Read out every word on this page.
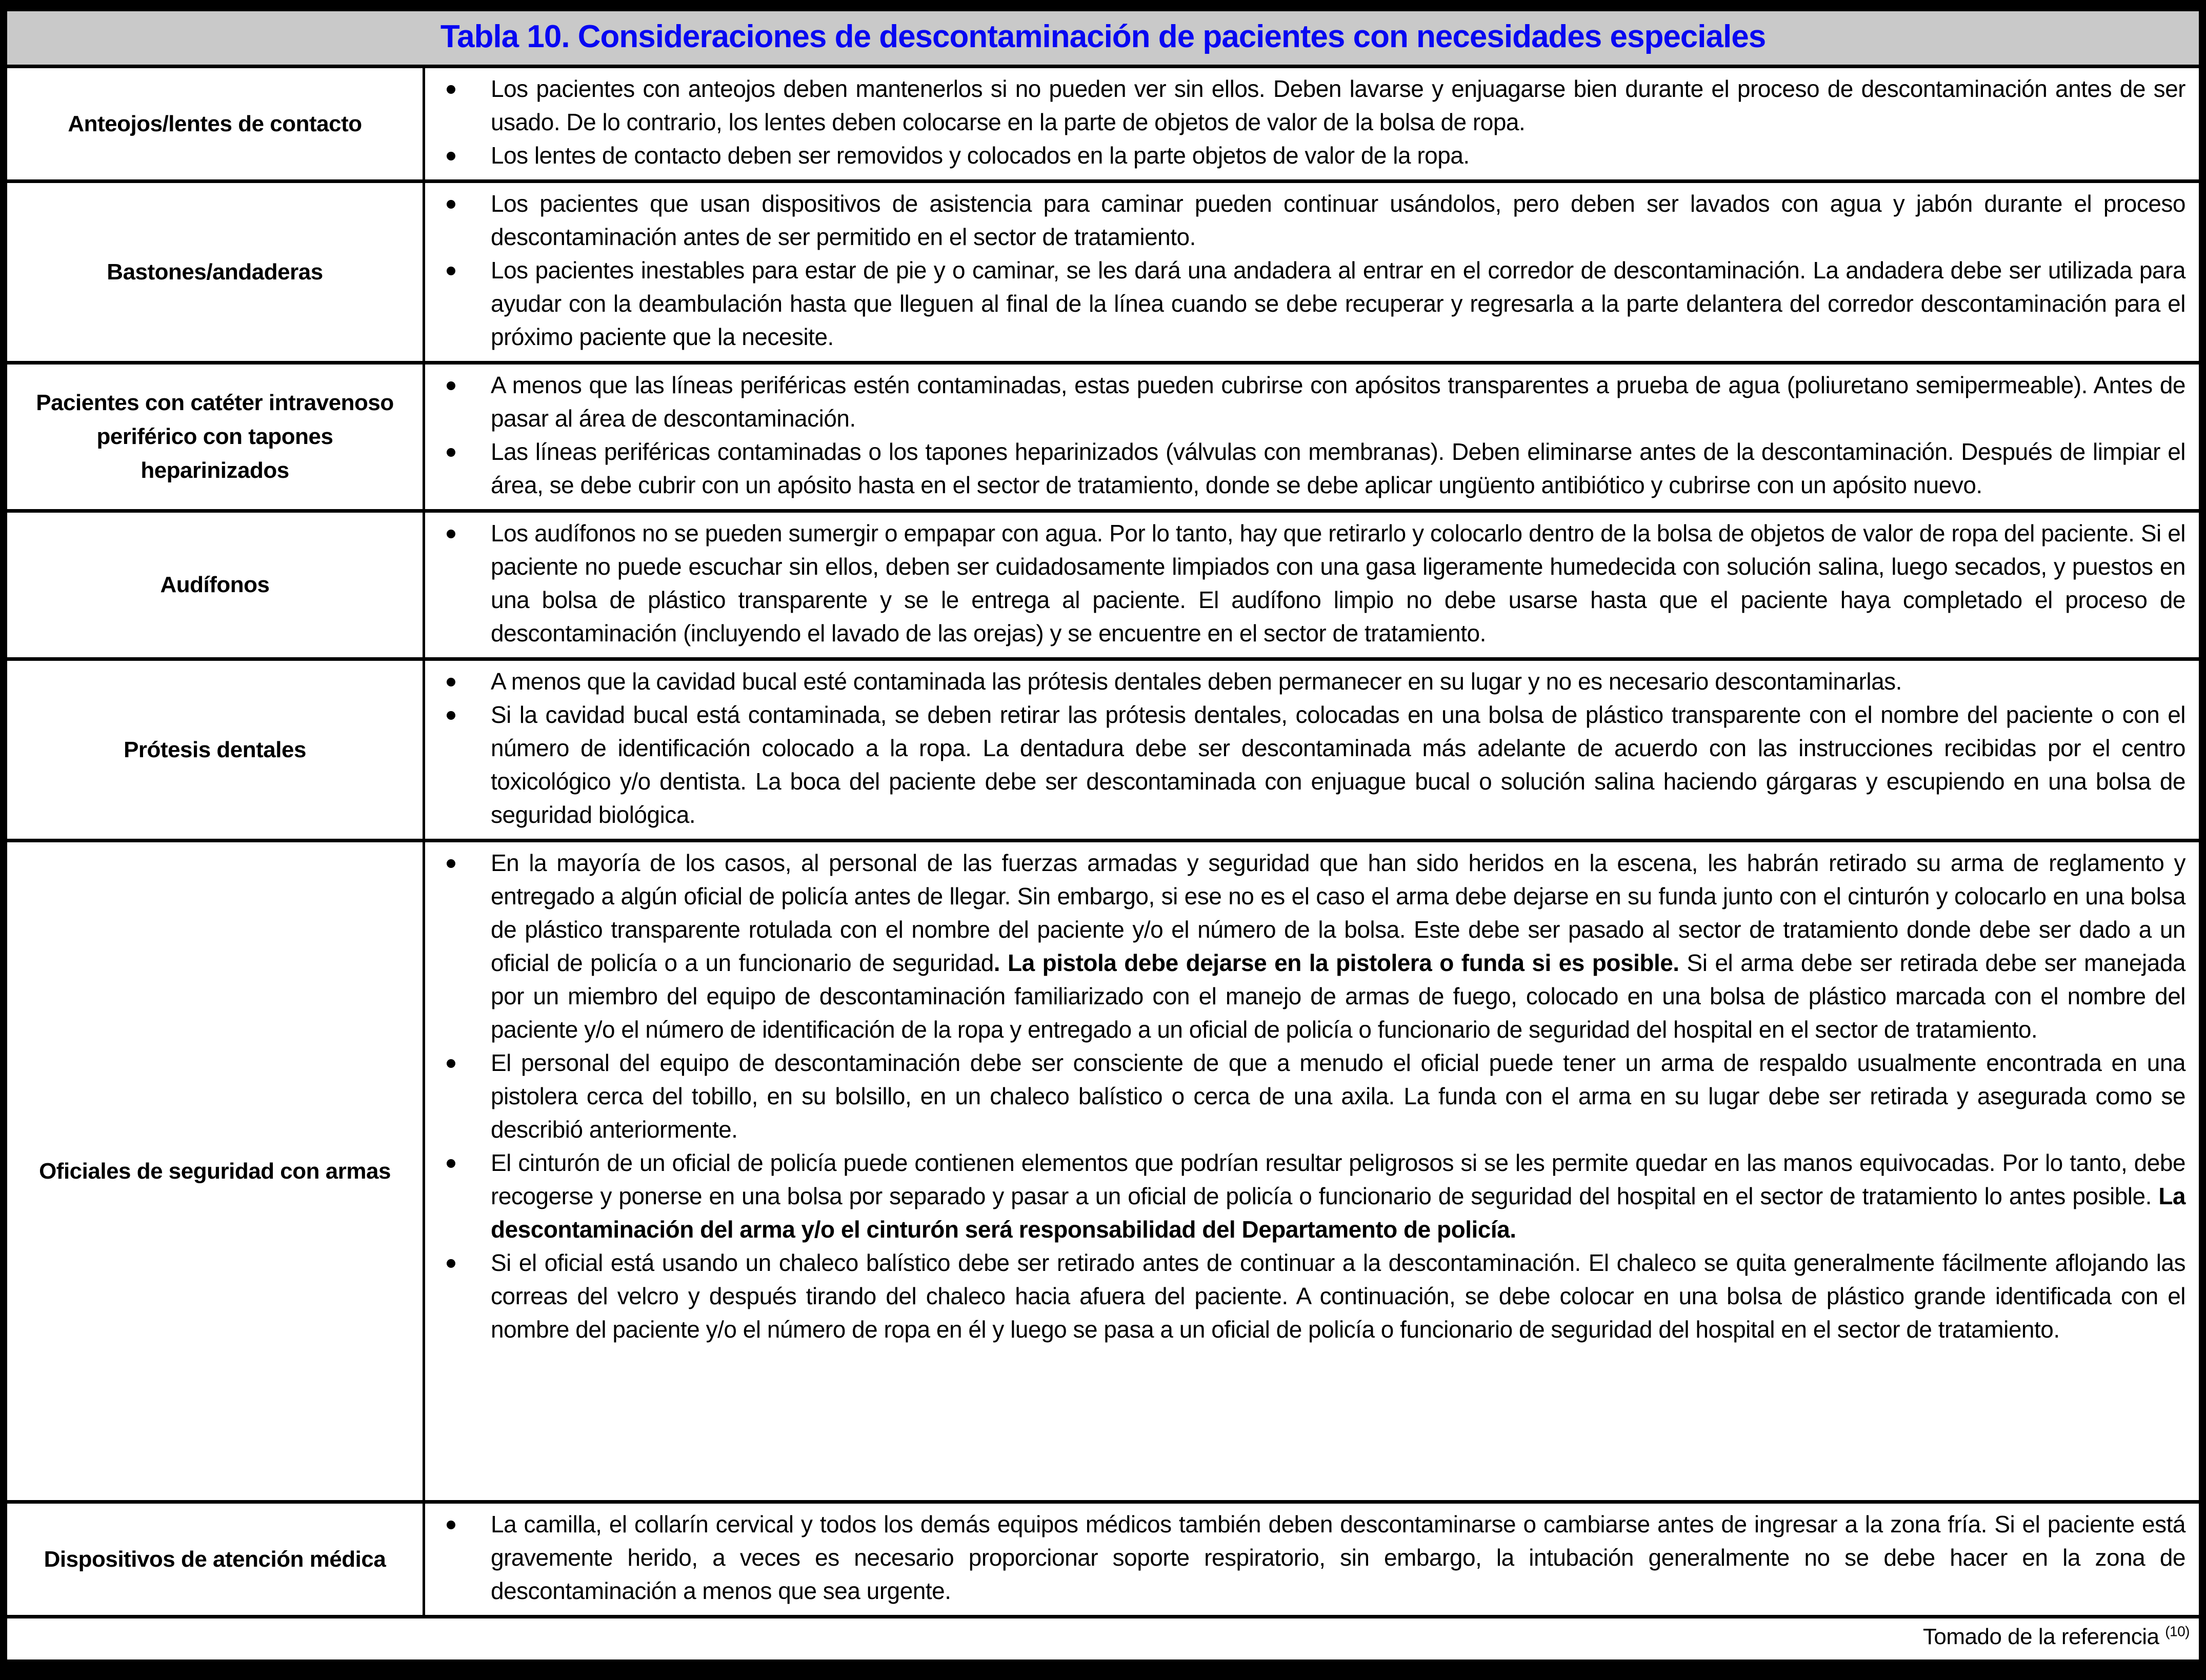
Tabla 10. Consideraciones de descontaminación de pacientes con necesidades especiales
Anteojos/lentes de contacto
Los pacientes con anteojos deben mantenerlos si no pueden ver sin ellos. Deben lavarse y enjuagarse bien durante el proceso de descontaminación antes de ser usado. De lo contrario, los lentes deben colocarse en la parte de objetos de valor de la bolsa de ropa.
Los lentes de contacto deben ser removidos y colocados en la parte objetos de valor de la ropa.
Bastones/andaderas
Los pacientes que usan dispositivos de asistencia para caminar pueden continuar usándolos, pero deben ser lavados con agua y jabón durante el proceso descontaminación antes de ser permitido en el sector de tratamiento.
Los pacientes inestables para estar de pie y o caminar, se les dará una andadera al entrar en el corredor de descontaminación. La andadera debe ser utilizada para ayudar con la deambulación hasta que lleguen al final de la línea cuando se debe recuperar y regresarla a la parte delantera del corredor descontaminación para el próximo paciente que la necesite.
Pacientes con catéter intravenoso periférico con tapones heparinizados
A menos que las líneas periféricas estén contaminadas, estas pueden cubrirse con apósitos transparentes a prueba de agua (poliuretano semipermeable). Antes de pasar al área de descontaminación.
Las líneas periféricas contaminadas o los tapones heparinizados (válvulas con membranas). Deben eliminarse antes de la descontaminación. Después de limpiar el área, se debe cubrir con un apósito hasta en el sector de tratamiento, donde se debe aplicar ungüento antibiótico y cubrirse con un apósito nuevo.
Audífonos
Los audífonos no se pueden sumergir o empapar con agua. Por lo tanto, hay que retirarlo y colocarlo dentro de la bolsa de objetos de valor de ropa del paciente. Si el paciente no puede escuchar sin ellos, deben ser cuidadosamente limpiados con una gasa ligeramente humedecida con solución salina, luego secados, y puestos en una bolsa de plástico transparente y se le entrega al paciente. El audífono limpio no debe usarse hasta que el paciente haya completado el proceso de descontaminación (incluyendo el lavado de las orejas) y se encuentre en el sector de tratamiento.
Prótesis dentales
A menos que la cavidad bucal esté contaminada las prótesis dentales deben permanecer en su lugar y no es necesario descontaminarlas.
Si la cavidad bucal está contaminada, se deben retirar las prótesis dentales, colocadas en una bolsa de plástico transparente con el nombre del paciente o con el número de identificación colocado a la ropa. La dentadura debe ser descontaminada más adelante de acuerdo con las instrucciones recibidas por el centro toxicológico y/o dentista. La boca del paciente debe ser descontaminada con enjuague bucal o solución salina haciendo gárgaras y escupiendo en una bolsa de seguridad biológica.
Oficiales de seguridad con armas
En la mayoría de los casos, al personal de las fuerzas armadas y seguridad que han sido heridos en la escena, les habrán retirado su arma de reglamento y entregado a algún oficial de policía antes de llegar. Sin embargo, si ese no es el caso el arma debe dejarse en su funda junto con el cinturón y colocarlo en una bolsa de plástico transparente rotulada con el nombre del paciente y/o el número de la bolsa. Este debe ser pasado al sector de tratamiento donde debe ser dado a un oficial de policía o a un funcionario de seguridad. La pistola debe dejarse en la pistolera o funda si es posible. Si el arma debe ser retirada debe ser manejada por un miembro del equipo de descontaminación familiarizado con el manejo de armas de fuego, colocado en una bolsa de plástico marcada con el nombre del paciente y/o el número de identificación de la ropa y entregado a un oficial de policía o funcionario de seguridad del hospital en el sector de tratamiento.
El personal del equipo de descontaminación debe ser consciente de que a menudo el oficial puede tener un arma de respaldo usualmente encontrada en una pistolera cerca del tobillo, en su bolsillo, en un chaleco balístico o cerca de una axila. La funda con el arma en su lugar debe ser retirada y asegurada como se describió anteriormente.
El cinturón de un oficial de policía puede contienen elementos que podrían resultar peligrosos si se les permite quedar en las manos equivocadas. Por lo tanto, debe recogerse y ponerse en una bolsa por separado y pasar a un oficial de policía o funcionario de seguridad del hospital en el sector de tratamiento lo antes posible. La descontaminación del arma y/o el cinturón será responsabilidad del Departamento de policía.
Si el oficial está usando un chaleco balístico debe ser retirado antes de continuar a la descontaminación. El chaleco se quita generalmente fácilmente aflojando las correas del velcro y después tirando del chaleco hacia afuera del paciente. A continuación, se debe colocar en una bolsa de plástico grande identificada con el nombre del paciente y/o el número de ropa en él y luego se pasa a un oficial de policía o funcionario de seguridad del hospital en el sector de tratamiento.
Dispositivos de atención médica
La camilla, el collarín cervical y todos los demás equipos médicos también deben descontaminarse o cambiarse antes de ingresar a la zona fría. Si el paciente está gravemente herido, a veces es necesario proporcionar soporte respiratorio, sin embargo, la intubación generalmente no se debe hacer en la zona de descontaminación a menos que sea urgente.
Tomado de la referencia $^{(10)}$
